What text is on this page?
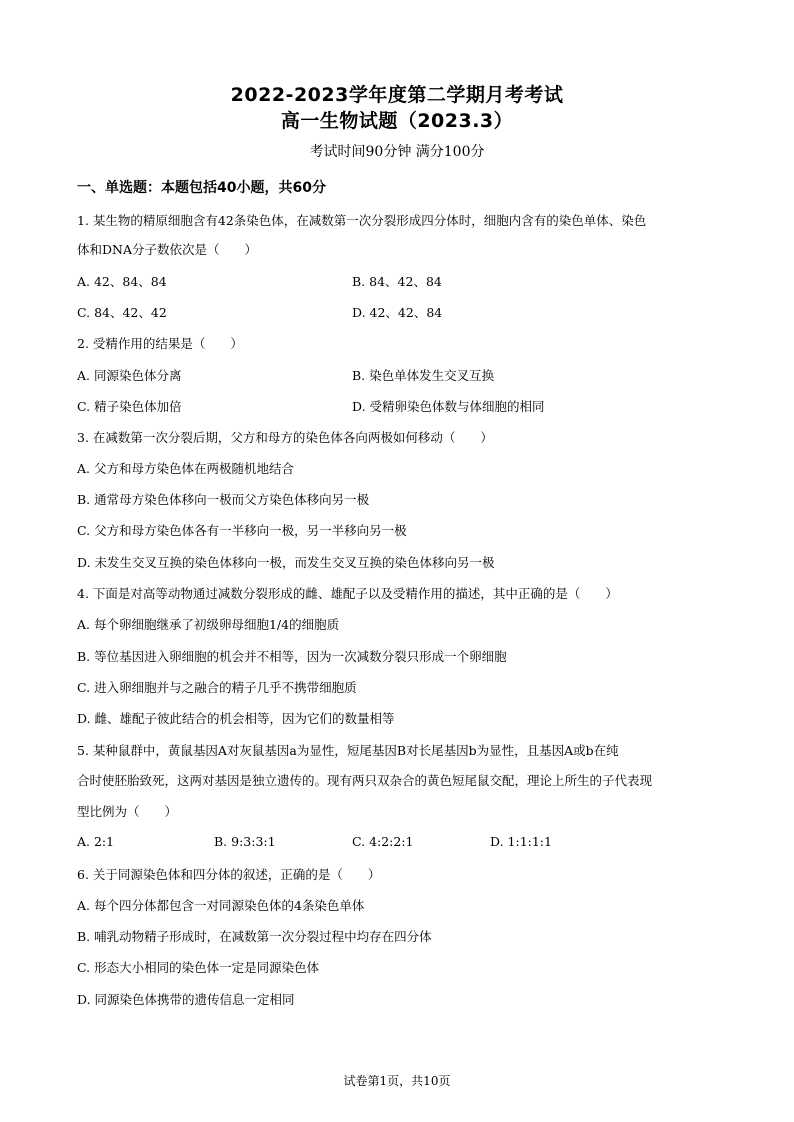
2022-2023学年度第二学期月考考试
高一生物试题（2023.3）
考试时间90分钟 满分100分
一、单选题：本题包括40小题，共60分
1. 某生物的精原细胞含有42条染色体，在减数第一次分裂形成四分体时，细胞内含有的染色单体、染色
体和DNA分子数依次是（　　）
A. 42、84、84	B. 84、42、84
C. 84、42、42	D. 42、42、84
2. 受精作用的结果是（　　）
A. 同源染色体分离	B. 染色单体发生交叉互换
C. 精子染色体加倍	D. 受精卵染色体数与体细胞的相同
3. 在减数第一次分裂后期，父方和母方的染色体各向两极如何移动（　　）
A. 父方和母方染色体在两极随机地结合
B. 通常母方染色体移向一极而父方染色体移向另一极
C. 父方和母方染色体各有一半移向一极，另一半移向另一极
D. 未发生交叉互换的染色体移向一极，而发生交叉互换的染色体移向另一极
4. 下面是对高等动物通过减数分裂形成的雌、雄配子以及受精作用的描述，其中正确的是（　　）
A. 每个卵细胞继承了初级卵母细胞1/4的细胞质
B. 等位基因进入卵细胞的机会并不相等，因为一次减数分裂只形成一个卵细胞
C. 进入卵细胞并与之融合的精子几乎不携带细胞质
D. 雌、雄配子彼此结合的机会相等，因为它们的数量相等
5. 某种鼠群中，黄鼠基因A对灰鼠基因a为显性，短尾基因B对长尾基因b为显性，且基因A或b在纯
合时使胚胎致死，这两对基因是独立遗传的。现有两只双杂合的黄色短尾鼠交配，理论上所生的子代表现
型比例为（　　）
A. 2:1	B. 9:3:3:1	C. 4:2:2:1	D. 1:1:1:1
6. 关于同源染色体和四分体的叙述，正确的是（　　）
A. 每个四分体都包含一对同源染色体的4条染色单体
B. 哺乳动物精子形成时，在减数第一次分裂过程中均存在四分体
C. 形态大小相同的染色体一定是同源染色体
D. 同源染色体携带的遗传信息一定相同
试卷第1页，共10页
